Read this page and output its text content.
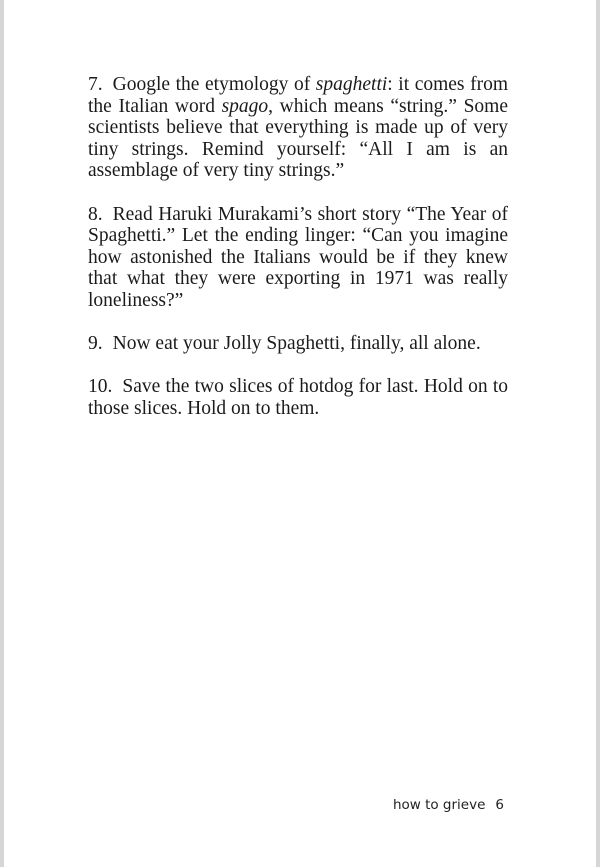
7. Google the etymology of spaghetti: it comes from the Italian word spago, which means “string.” Some scientists believe that everything is made up of very tiny strings. Remind yourself: “All I am is an assemblage of very tiny strings.”

8. Read Haruki Murakami’s short story “The Year of Spaghetti.” Let the ending linger: “Can you imagine how astonished the Italians would be if they knew that what they were exporting in 1971 was really loneliness?”

9. Now eat your Jolly Spaghetti, finally, all alone.

10. Save the two slices of hotdog for last. Hold on to those slices. Hold on to them.

how to grieve 6
